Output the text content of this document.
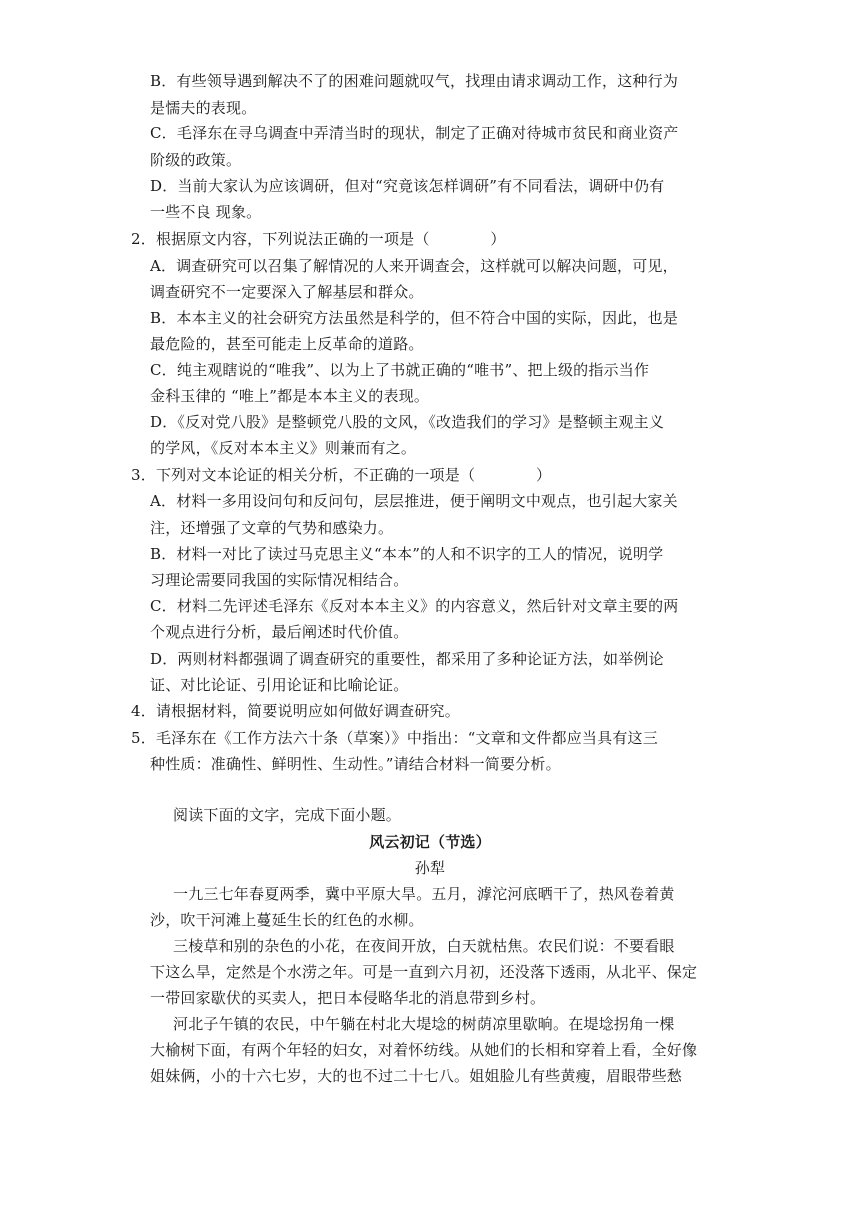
B．有些领导遇到解决不了的困难问题就叹气，找理由请求调动工作，这种行为
是懦夫的表现。
C．毛泽东在寻乌调查中弄清当时的现状，制定了正确对待城市贫民和商业资产
阶级的政策。
D．当前大家认为应该调研，但对“究竟该怎样调研”有不同看法，调研中仍有
一些不良 现象。
2．根据原文内容，下列说法正确的一项是（　　　　）
A．调查研究可以召集了解情况的人来开调查会，这样就可以解决问题，可见，
调查研究不一定要深入了解基层和群众。
B．本本主义的社会研究方法虽然是科学的，但不符合中国的实际，因此，也是
最危险的，甚至可能走上反革命的道路。
C．纯主观瞎说的“唯我”、以为上了书就正确的“唯书”、把上级的指示当作
金科玉律的 “唯上”都是本本主义的表现。
D．《反对党八股》是整顿党八股的文风，《改造我们的学习》是整顿主观主义
的学风，《反对本本主义》则兼而有之。
3．下列对文本论证的相关分析，不正确的一项是（　　　　）
A．材料一多用设问句和反问句，层层推进，便于阐明文中观点，也引起大家关
注，还增强了文章的气势和感染力。
B．材料一对比了读过马克思主义“本本”的人和不识字的工人的情况，说明学
习理论需要同我国的实际情况相结合。
C．材料二先评述毛泽东《反对本本主义》的内容意义，然后针对文章主要的两
个观点进行分析，最后阐述时代价值。
D．两则材料都强调了调查研究的重要性，都采用了多种论证方法，如举例论
证、对比论证、引用论证和比喻论证。
4．请根据材料，简要说明应如何做好调查研究。
5．毛泽东在《工作方法六十条（草案）》中指出：“文章和文件都应当具有这三
种性质：准确性、鲜明性、生动性。”请结合材料一简要分析。
阅读下面的文字，完成下面小题。
风云初记（节选）
孙犁
一九三七年春夏两季，冀中平原大旱。五月，滹沱河底晒干了，热风卷着黄
沙，吹干河滩上蔓延生长的红色的水柳。
三棱草和别的杂色的小花，在夜间开放，白天就枯焦。农民们说：不要看眼
下这么旱，定然是个水涝之年。可是一直到六月初，还没落下透雨，从北平、保定
一带回家歇伏的买卖人，把日本侵略华北的消息带到乡村。
河北子午镇的农民，中午躺在村北大堤埝的树荫凉里歇晌。在堤埝拐角一棵
大榆树下面，有两个年轻的妇女，对着怀纺线。从她们的长相和穿着上看，全好像
姐妹俩，小的十六七岁，大的也不过二十七八。姐姐脸儿有些黄瘦，眉眼带些愁
